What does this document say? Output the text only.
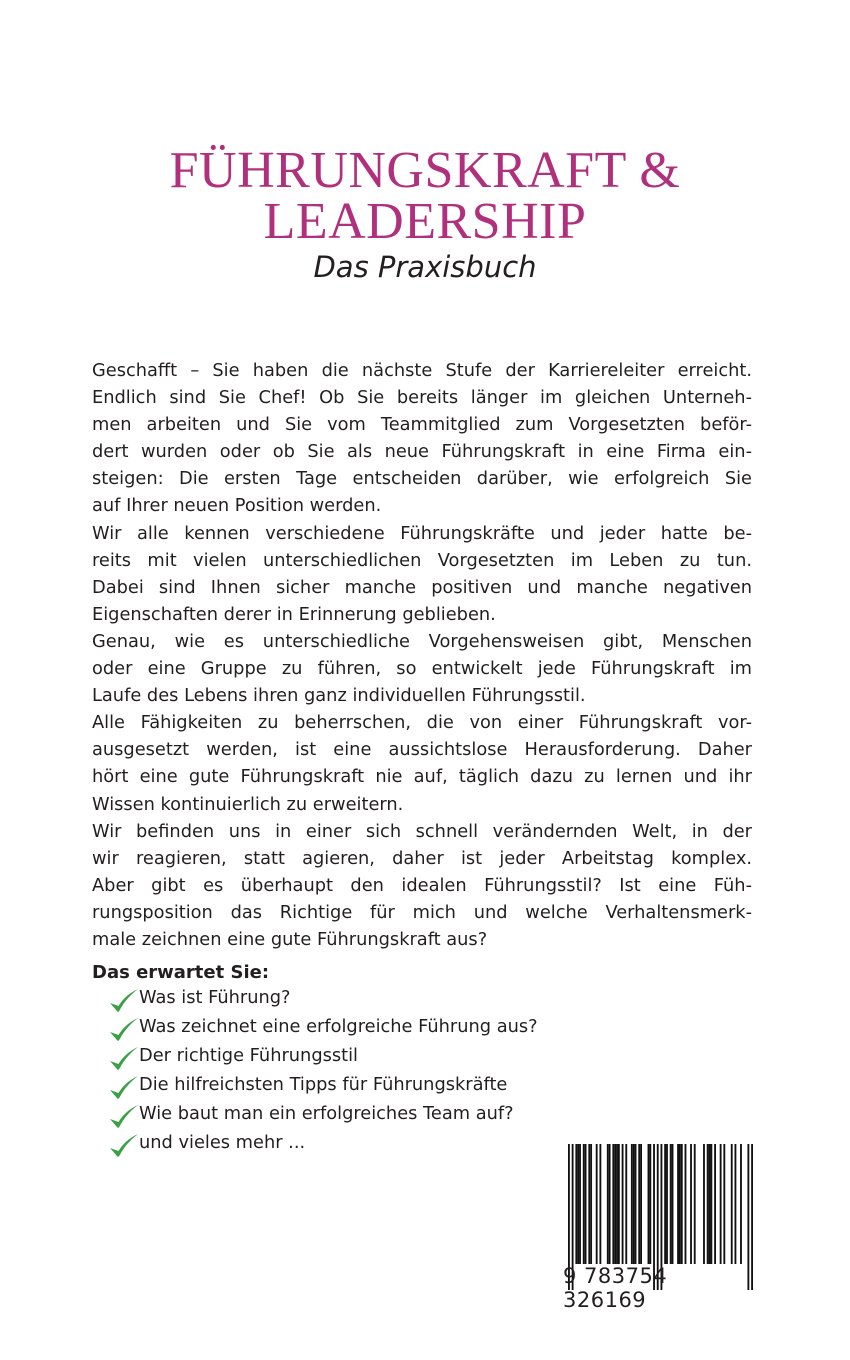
FÜHRUNGSKRAFT &
LEADERSHIP
Das Praxisbuch
Geschafft – Sie haben die nächste Stufe der Karriereleiter erreicht.
Endlich sind Sie Chef! Ob Sie bereits länger im gleichen Unterneh-
men arbeiten und Sie vom Teammitglied zum Vorgesetzten beför-
dert wurden oder ob Sie als neue Führungskraft in eine Firma ein-
steigen: Die ersten Tage entscheiden darüber, wie erfolgreich Sie
auf Ihrer neuen Position werden.
Wir alle kennen verschiedene Führungskräfte und jeder hatte be-
reits mit vielen unterschiedlichen Vorgesetzten im Leben zu tun.
Dabei sind Ihnen sicher manche positiven und manche negativen
Eigenschaften derer in Erinnerung geblieben.
Genau, wie es unterschiedliche Vorgehensweisen gibt, Menschen
oder eine Gruppe zu führen, so entwickelt jede Führungskraft im
Laufe des Lebens ihren ganz individuellen Führungsstil.
Alle Fähigkeiten zu beherrschen, die von einer Führungskraft vor-
ausgesetzt werden, ist eine aussichtslose Herausforderung. Daher
hört eine gute Führungskraft nie auf, täglich dazu zu lernen und ihr
Wissen kontinuierlich zu erweitern.
Wir befinden uns in einer sich schnell verändernden Welt, in der
wir reagieren, statt agieren, daher ist jeder Arbeitstag komplex.
Aber gibt es überhaupt den idealen Führungsstil? Ist eine Füh-
rungsposition das Richtige für mich und welche Verhaltensmerk-
male zeichnen eine gute Führungskraft aus?
Das erwartet Sie:
Was ist Führung?
Was zeichnet eine erfolgreiche Führung aus?
Der richtige Führungsstil
Die hilfreichsten Tipps für Führungskräfte
Wie baut man ein erfolgreiches Team auf?
und vieles mehr ...
9 783754 326169
